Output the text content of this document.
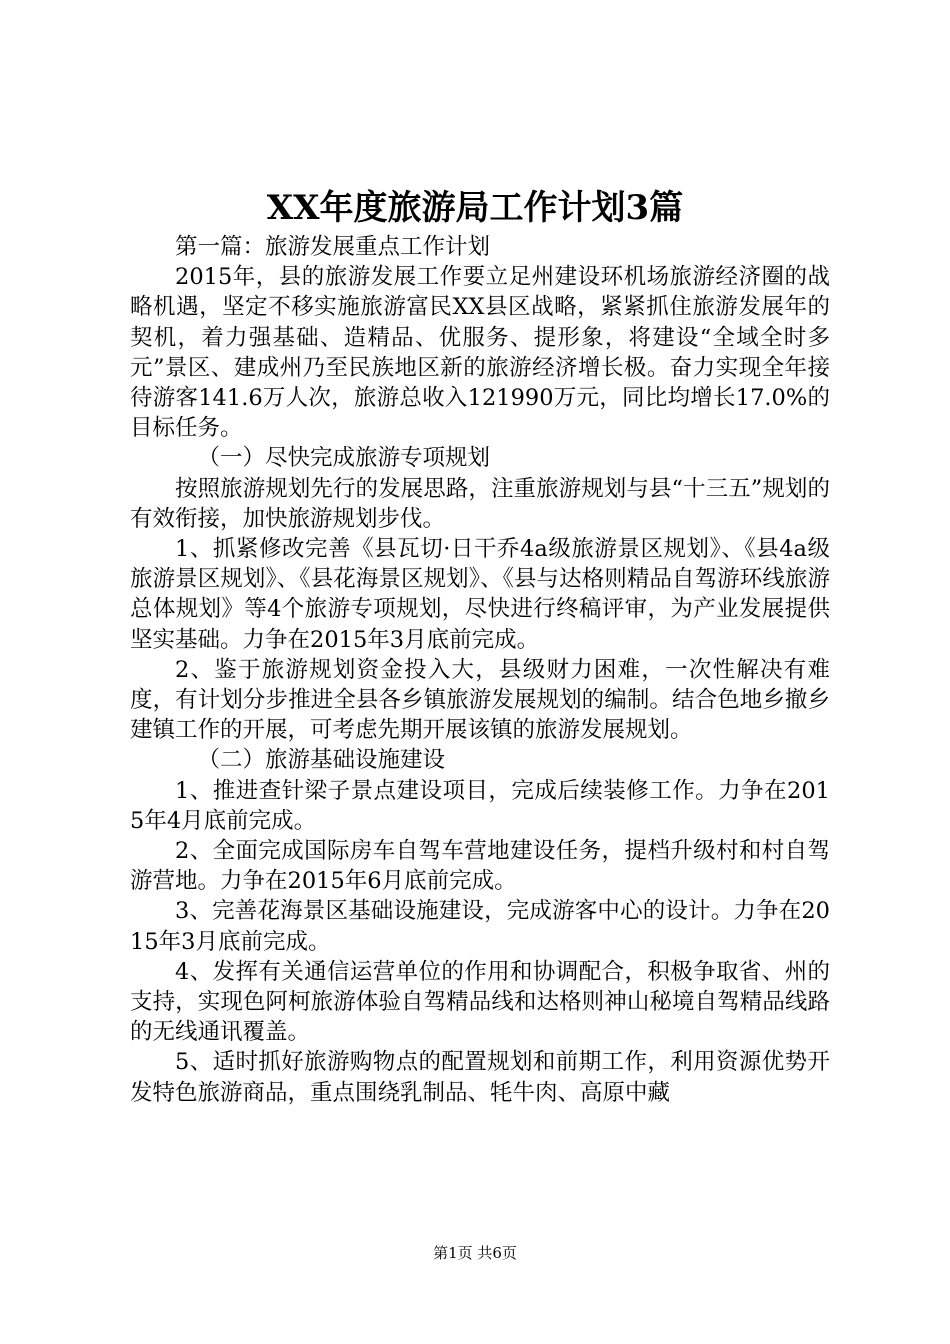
XX年度旅游局工作计划3篇

第一篇：旅游发展重点工作计划

2015年，县的旅游发展工作要立足州建设环机场旅游经济圈的战略机遇，坚定不移实施旅游富民XX县区战略，紧紧抓住旅游发展年的契机，着力强基础、造精品、优服务、提形象，将建设“全域全时多元”景区、建成州乃至民族地区新的旅游经济增长极。奋力实现全年接待游客141.6万人次，旅游总收入121990万元，同比均增长17.0%的目标任务。

（一）尽快完成旅游专项规划

按照旅游规划先行的发展思路，注重旅游规划与县“十三五”规划的有效衔接，加快旅游规划步伐。

1、抓紧修改完善《县瓦切·日干乔4a级旅游景区规划》、《县4a级旅游景区规划》、《县花海景区规划》、《县与达格则精品自驾游环线旅游总体规划》等4个旅游专项规划，尽快进行终稿评审，为产业发展提供坚实基础。力争在2015年3月底前完成。

2、鉴于旅游规划资金投入大，县级财力困难，一次性解决有难度，有计划分步推进全县各乡镇旅游发展规划的编制。结合色地乡撤乡建镇工作的开展，可考虑先期开展该镇的旅游发展规划。

（二）旅游基础设施建设

1、推进查针梁子景点建设项目，完成后续装修工作。力争在2015年4月底前完成。

2、全面完成国际房车自驾车营地建设任务，提档升级村和村自驾游营地。力争在2015年6月底前完成。

3、完善花海景区基础设施建设，完成游客中心的设计。力争在2015年3月底前完成。

4、发挥有关通信运营单位的作用和协调配合，积极争取省、州的支持，实现色阿柯旅游体验自驾精品线和达格则神山秘境自驾精品线路的无线通讯覆盖。

5、适时抓好旅游购物点的配置规划和前期工作，利用资源优势开发特色旅游商品，重点围绕乳制品、牦牛肉、高原中藏

第1页 共6页
